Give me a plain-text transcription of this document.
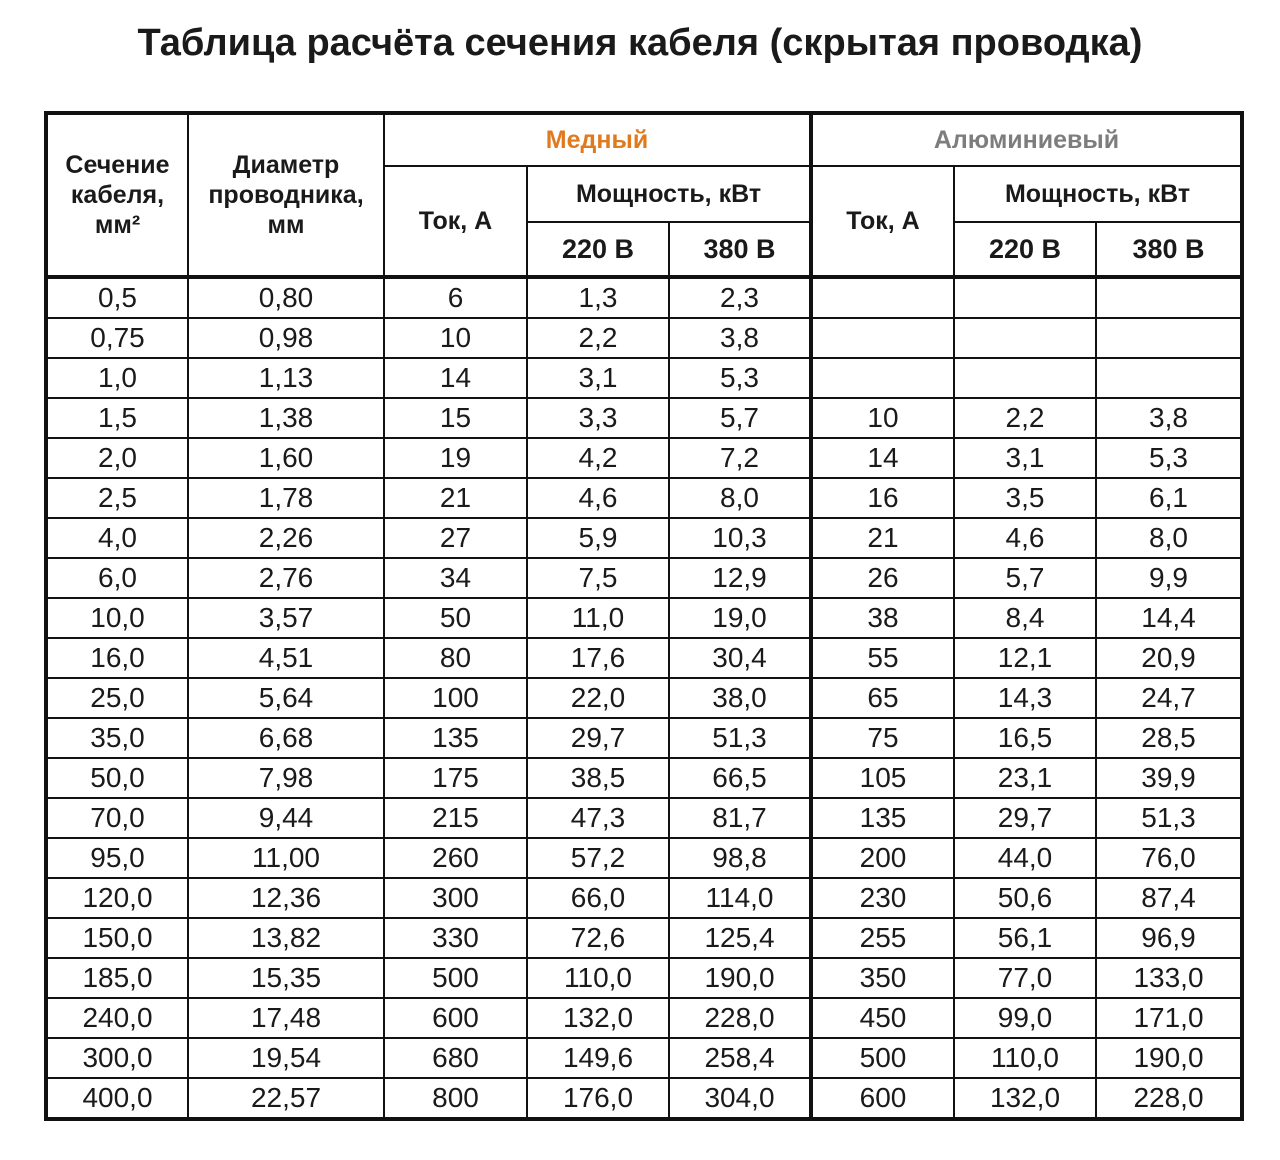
Таблица расчёта сечения кабеля (скрытая проводка)
Сечение
кабеля,
мм²	Диаметр
проводника,
мм	Медный			Алюминиевый		
		Ток, А	Мощность, кВт		Ток, А	Мощность, кВт	
			220 В	380 В		220 В	380 В
0,5	0,80	6	1,3	2,3			
0,75	0,98	10	2,2	3,8			
1,0	1,13	14	3,1	5,3			
1,5	1,38	15	3,3	5,7	10	2,2	3,8
2,0	1,60	19	4,2	7,2	14	3,1	5,3
2,5	1,78	21	4,6	8,0	16	3,5	6,1
4,0	2,26	27	5,9	10,3	21	4,6	8,0
6,0	2,76	34	7,5	12,9	26	5,7	9,9
10,0	3,57	50	11,0	19,0	38	8,4	14,4
16,0	4,51	80	17,6	30,4	55	12,1	20,9
25,0	5,64	100	22,0	38,0	65	14,3	24,7
35,0	6,68	135	29,7	51,3	75	16,5	28,5
50,0	7,98	175	38,5	66,5	105	23,1	39,9
70,0	9,44	215	47,3	81,7	135	29,7	51,3
95,0	11,00	260	57,2	98,8	200	44,0	76,0
120,0	12,36	300	66,0	114,0	230	50,6	87,4
150,0	13,82	330	72,6	125,4	255	56,1	96,9
185,0	15,35	500	110,0	190,0	350	77,0	133,0
240,0	17,48	600	132,0	228,0	450	99,0	171,0
300,0	19,54	680	149,6	258,4	500	110,0	190,0
400,0	22,57	800	176,0	304,0	600	132,0	228,0
